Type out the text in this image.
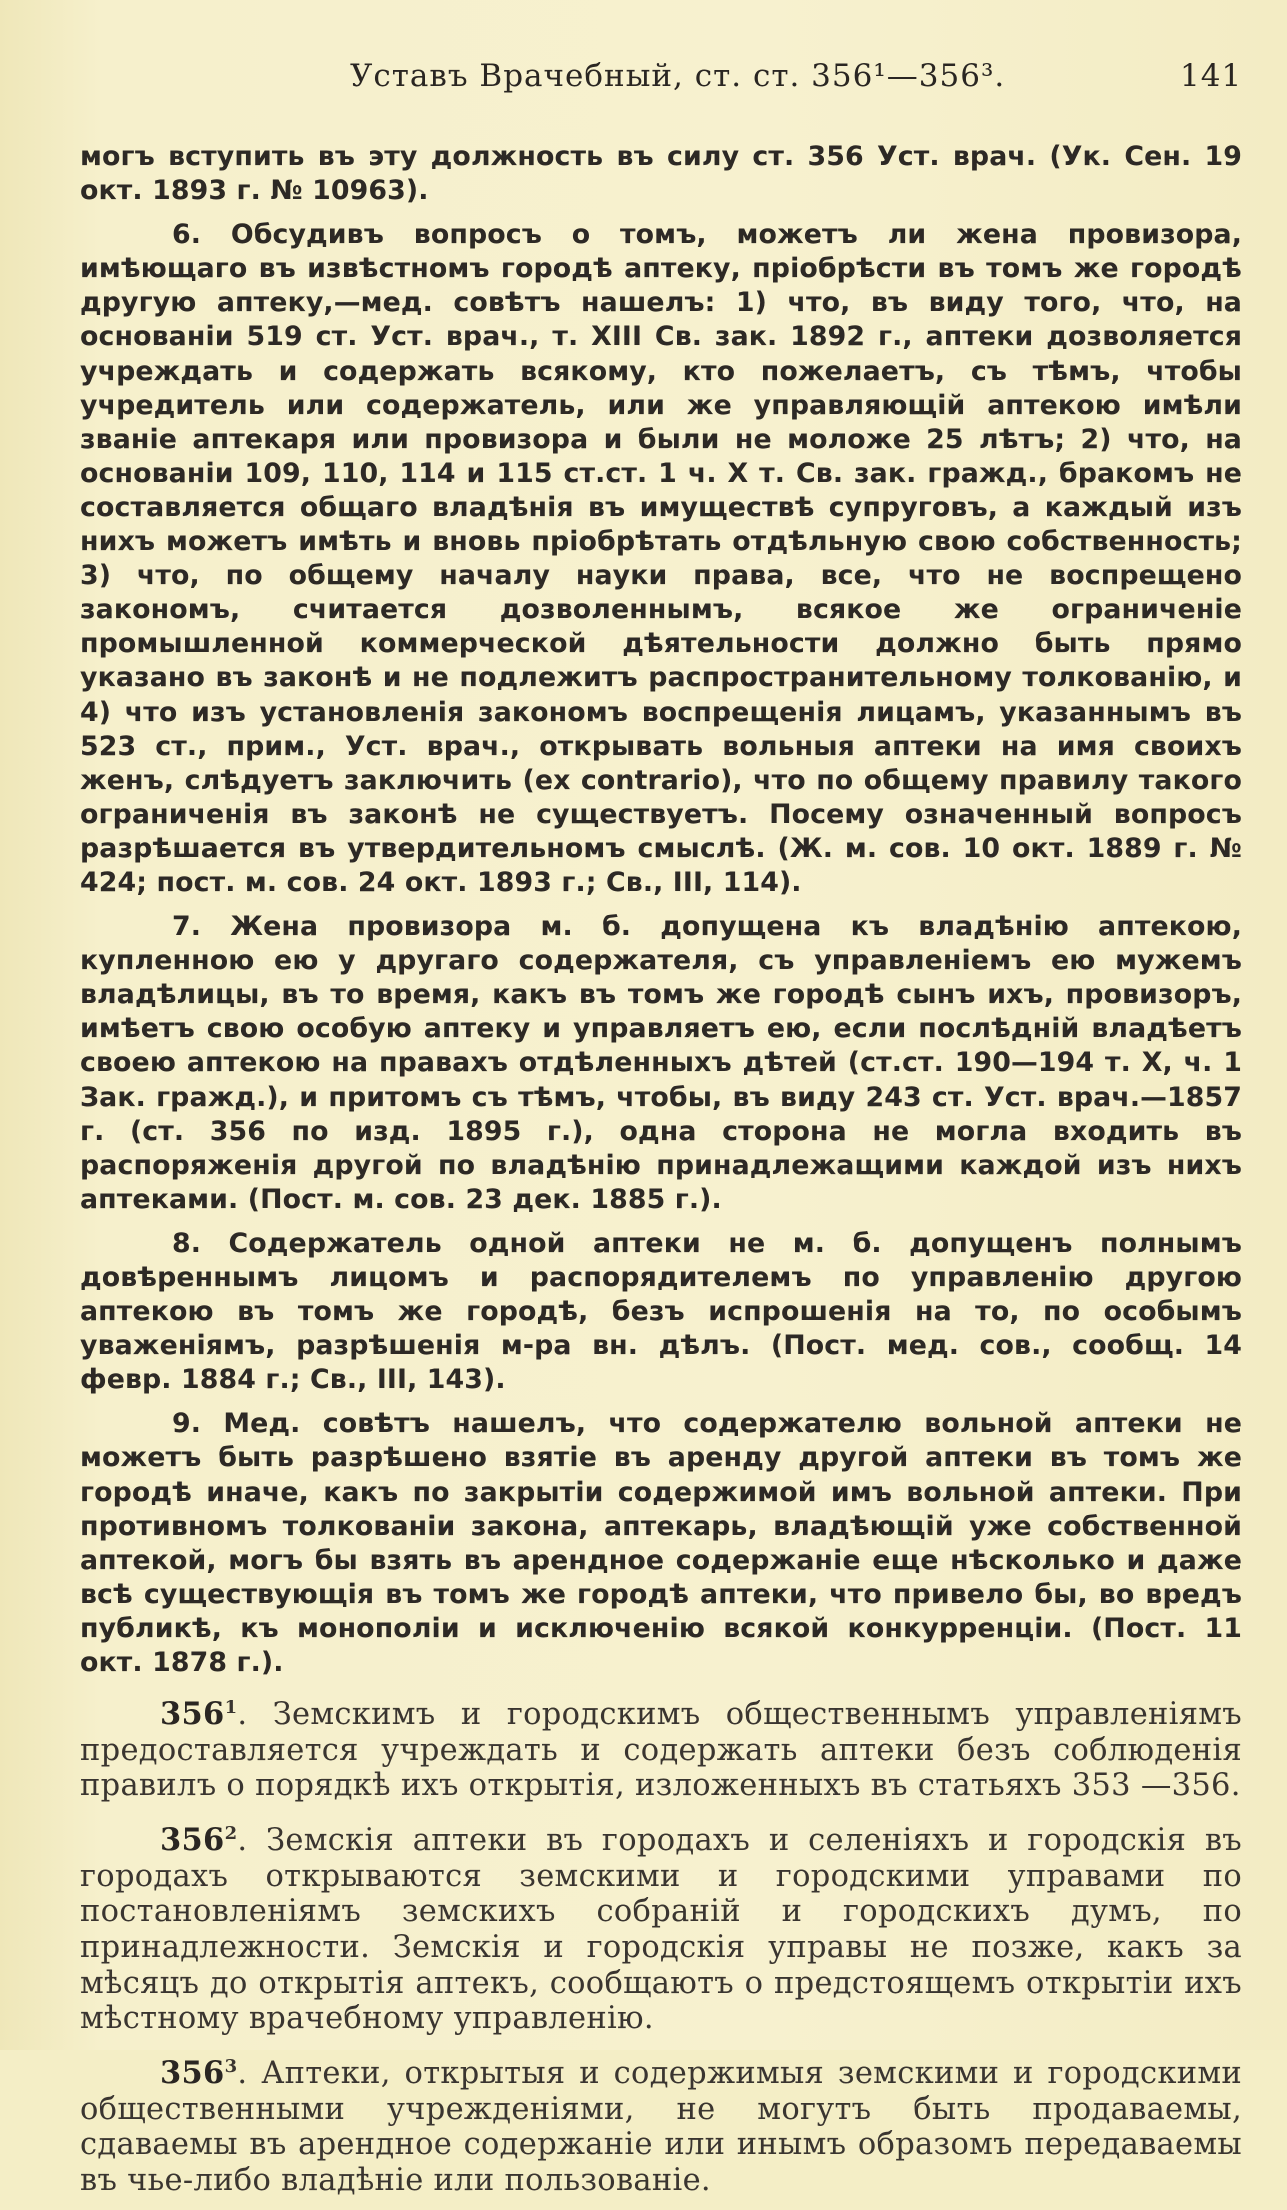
Уставъ Врачебный, ст. ст. 356¹—356³.	141

могъ вступить въ эту должность въ силу ст. 356 Уст. врач. (Ук. Сен. 19 окт. 1893 г. № 10963).

6. Обсудивъ вопросъ о томъ, можетъ ли жена провизора, имѣющаго въ извѣстномъ городѣ аптеку, пріобрѣсти въ томъ же городѣ другую аптеку,—мед. совѣтъ нашелъ: 1) что, въ виду того, что, на основаніи 519 ст. Уст. врач., т. XIII Св. зак. 1892 г., аптеки дозволяется учреждать и содержать всякому, кто пожелаетъ, съ тѣмъ, чтобы учредитель или содержатель, или же управляющій аптекою имѣли званіе аптекаря или провизора и были не моложе 25 лѣтъ; 2) что, на основаніи 109, 110, 114 и 115 ст.ст. 1 ч. X т. Св. зак. гражд., бракомъ не составляется общаго владѣнія въ имуществѣ супруговъ, а каждый изъ нихъ можетъ имѣть и вновь пріобрѣтать отдѣльную свою собственность; 3) что, по общему началу науки права, все, что не воспрещено закономъ, считается дозволеннымъ, всякое же ограниченіе промышленной коммерческой дѣятельности должно быть прямо указано въ законѣ и не подлежитъ распространительному толкованію, и 4) что изъ установленія закономъ воспрещенія лицамъ, указаннымъ въ 523 ст., прим., Уст. врач., открывать вольныя аптеки на имя своихъ женъ, слѣдуетъ заключить (ex contrario), что по общему правилу такого ограниченія въ законѣ не существуетъ. Посему означенный вопросъ разрѣшается въ утвердительномъ смыслѣ. (Ж. м. сов. 10 окт. 1889 г. № 424; пост. м. сов. 24 окт. 1893 г.; Св., III, 114).

7. Жена провизора м. б. допущена къ владѣнію аптекою, купленною ею у другаго содержателя, съ управленіемъ ею мужемъ владѣлицы, въ то время, какъ въ томъ же городѣ сынъ ихъ, провизоръ, имѣетъ свою особую аптеку и управляетъ ею, если послѣдній владѣетъ своею аптекою на правахъ отдѣленныхъ дѣтей (ст.ст. 190—194 т. X, ч. 1 Зак. гражд.), и притомъ съ тѣмъ, чтобы, въ виду 243 ст. Уст. врач.—1857 г. (ст. 356 по изд. 1895 г.), одна сторона не могла входить въ распоряженія другой по владѣнію принадлежащими каждой изъ нихъ аптеками. (Пост. м. сов. 23 дек. 1885 г.).

8. Содержатель одной аптеки не м. б. допущенъ полнымъ довѣреннымъ лицомъ и распорядителемъ по управленію другою аптекою въ томъ же городѣ, безъ испрошенія на то, по особымъ уваженіямъ, разрѣшенія м-ра вн. дѣлъ. (Пост. мед. сов., сообщ. 14 февр. 1884 г.; Св., III, 143).

9. Мед. совѣтъ нашелъ, что содержателю вольной аптеки не можетъ быть разрѣшено взятіе въ аренду другой аптеки въ томъ же городѣ иначе, какъ по закрытіи содержимой имъ вольной аптеки. При противномъ толкованіи закона, аптекарь, владѣющій уже собственной аптекой, могъ бы взять въ арендное содержаніе еще нѣсколько и даже всѣ существующія въ томъ же городѣ аптеки, что привело бы, во вредъ публикѣ, къ монополіи и исключенію всякой конкурренціи. (Пост. 11 окт. 1878 г.).

$356^1$. Земскимъ и городскимъ общественнымъ управленіямъ предоставляется учреждать и содержать аптеки безъ соблюденія правилъ о порядкѣ ихъ открытія, изложенныхъ въ статьяхъ 353 —356.

$356^2$. Земскія аптеки въ городахъ и селеніяхъ и городскія въ городахъ открываются земскими и городскими управами по постановленіямъ земскихъ собраній и городскихъ думъ, по принадлежности. Земскія и городскія управы не позже, какъ за мѣсяцъ до открытія аптекъ, сообщаютъ о предстоящемъ открытіи ихъ мѣстному врачебному управленію.

$356^3$. Аптеки, открытыя и содержимыя земскими и городскими общественными учрежденіями, не могутъ быть продаваемы, сдаваемы въ арендное содержаніе или инымъ образомъ передаваемы въ чье-либо владѣніе или пользованіе.
